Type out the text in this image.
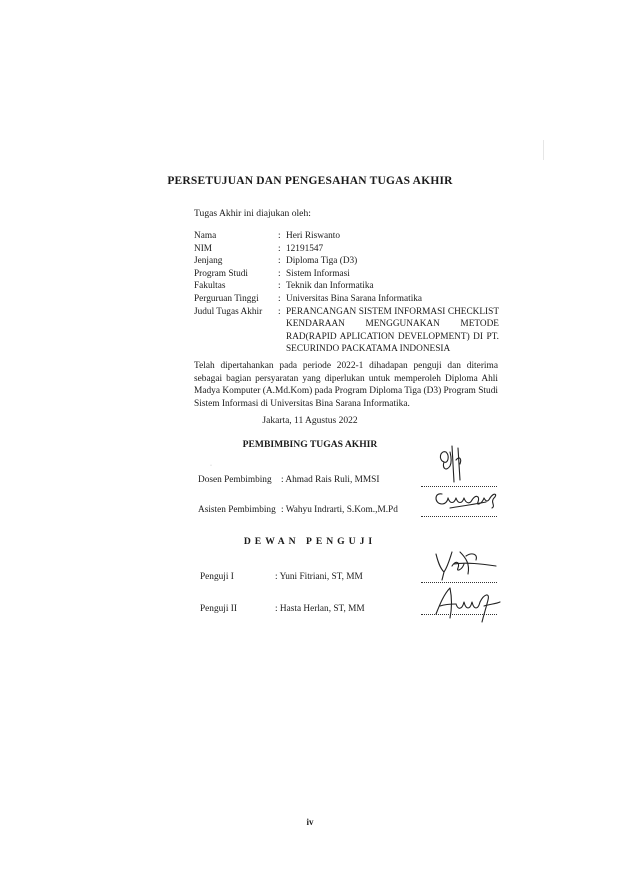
PERSETUJUAN DAN PENGESAHAN TUGAS AKHIR
Tugas Akhir ini diajukan oleh:
Nama	: Heri Riswanto
NIM	: 12191547
Jenjang	: Diploma Tiga (D3)
Program Studi	: Sistem Informasi
Fakultas	: Teknik dan Informatika
Perguruan Tinggi	: Universitas Bina Sarana Informatika
Judul Tugas Akhir	: PERANCANGAN SISTEM INFORMASI CHECKLIST KENDARAAN MENGGUNAKAN METODE RAD(RAPID APLICATION DEVELOPMENT) DI PT. SECURINDO PACKATAMA INDONESIA
Telah dipertahankan pada periode 2022-1 dihadapan penguji dan diterima sebagai bagian persyaratan yang diperlukan untuk memperoleh Diploma Ahli Madya Komputer (A.Md.Kom) pada Program Diploma Tiga (D3) Program Studi Sistem Informasi di Universitas Bina Sarana Informatika.
Jakarta, 11 Agustus 2022
PEMBIMBING TUGAS AKHIR
·
Dosen Pembimbing	: Ahmad Rais Ruli, MMSI
Asisten Pembimbing : Wahyu Indrarti, S.Kom.,M.Pd
DEWAN PENGUJI
Penguji I	: Yuni Fitriani, ST, MM
Penguji II	: Hasta Herlan, ST, MM
iv
